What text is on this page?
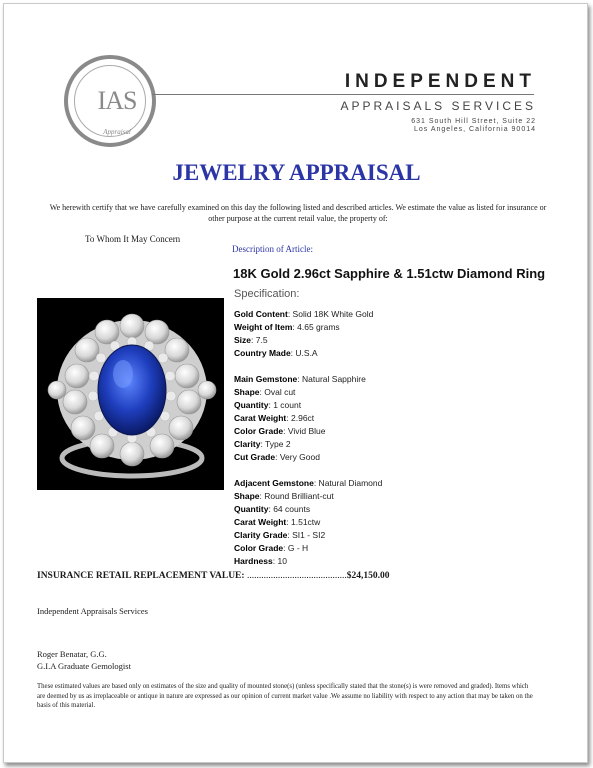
IAS
Appraisal
INDEPENDENT
APPRAISALS SERVICES
631 South Hill Street, Suite 22
Los Angeles, California 90014
JEWELRY APPRAISAL
We herewith certify that we have carefully examined on this day the following listed and described articles. We estimate the value as listed for insurance or other purpose at the current retail value, the property of:
To Whom It May Concern
Description of Article:
18K Gold 2.96ct Sapphire & 1.51ctw Diamond Ring
Specification:
Gold Content: Solid 18K White Gold
Weight of Item: 4.65 grams
Size: 7.5
Country Made: U.S.A
Main Gemstone: Natural Sapphire
Shape: Oval cut
Quantity: 1 count
Carat Weight: 2.96ct
Color Grade: Vivid Blue
Clarity: Type 2
Cut Grade: Very Good
Adjacent Gemstone: Natural Diamond
Shape: Round Brilliant-cut
Quantity: 64 counts
Carat Weight: 1.51ctw
Clarity Grade: SI1 - SI2
Color Grade: G - H
Hardness: 10
INSURANCE RETAIL REPLACEMENT VALUE: ..........................................$24,150.00
Independent Appraisals Services
Roger Benatar, G.G.
G.I.A Graduate Gemologist
These estimated values are based only on estimates of the size and quality of mounted stone(s) (unless specifically stated that the stone(s) is were removed and graded). Items which are deemed by us as irreplaceable or antique in nature are expressed as our opinion of current market value .We assume no liability with respect to any action that may be taken on the basis of this material.
